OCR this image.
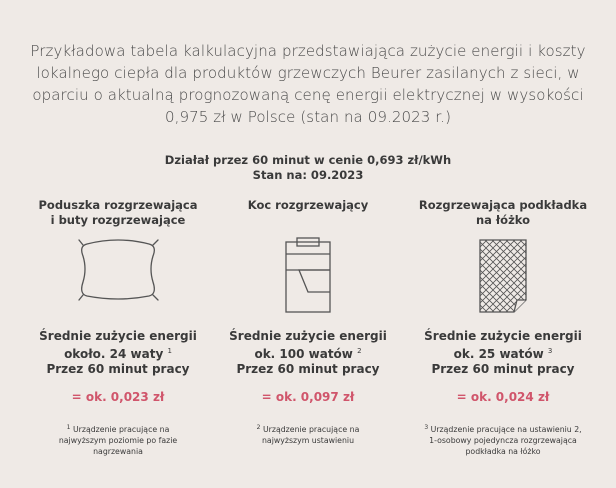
Przykładowa tabela kalkulacyjna przedstawiająca zużycie energii i koszty
lokalnego ciepła dla produktów grzewczych Beurer zasilanych z sieci, w
oparciu o aktualną prognozowaną cenę energii elektrycznej w wysokości
0,975 zł w Polsce (stan na 09.2023 r.)
Działał przez 60 minut w cenie 0,693 zł/kWh
Stan na: 09.2023
Poduszka rozgrzewająca
i buty rozgrzewające
Średnie zużycie energii
około. 24 waty $^1$
Przez 60 minut pracy
= ok. 0,023 zł
$^1$ Urządzenie pracujące na
najwyższym poziomie po fazie
nagrzewania
Koc rozgrzewający
Średnie zużycie energii
ok. 100 watów $^2$
Przez 60 minut pracy
= ok. 0,097 zł
$^2$ Urządzenie pracujące na
najwyższym ustawieniu
Rozgrzewająca podkładka
na łóżko
Średnie zużycie energii
ok. 25 watów $^3$
Przez 60 minut pracy
= ok. 0,024 zł
$^3$ Urządzenie pracujące na ustawieniu 2,
1-osobowy pojedyncza rozgrzewająca
podkładka na łóżko
